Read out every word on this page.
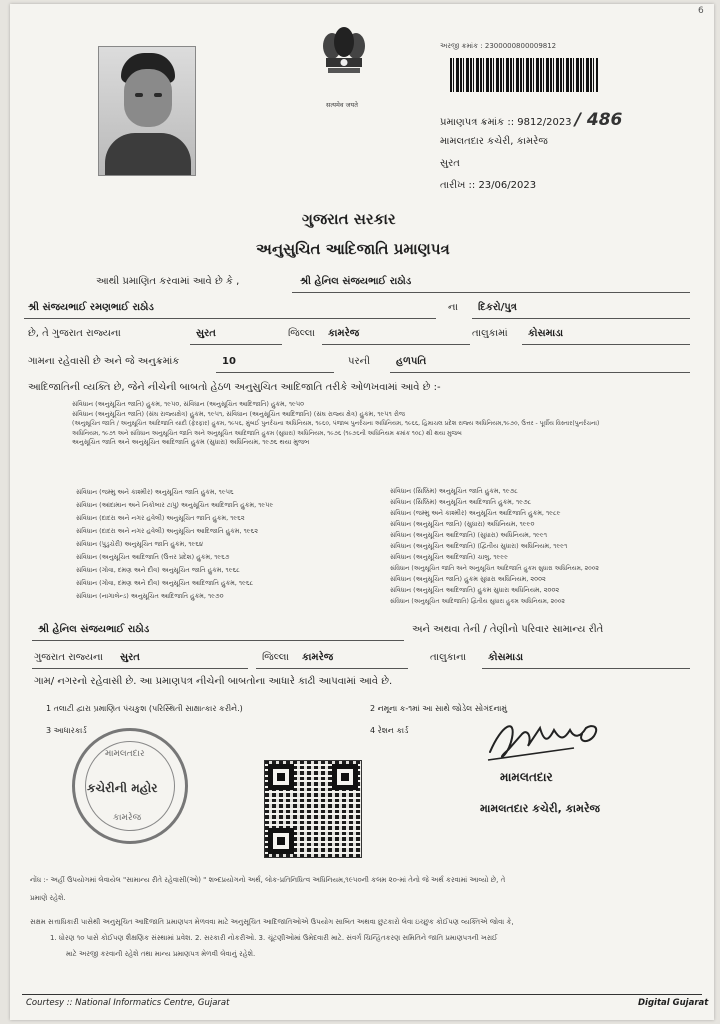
सत्यमेव जयते
અરજી ક્રમાંક : 2300000800009812
6
પ્રમાણપત્ર ક્રમાંક :: 9812/2023 / 486
મામલતદાર કચેરી, કામરેજ
સુરત
તારીખ :: 23/06/2023
ગુજરાત સરકાર
અનુસુચિત આદિજાતિ પ્રમાણપત્ર
આથી પ્રમાણિત કરવામાં આવે છે કે ,	શ્રી હેનિલ સંજયભાઈ રાઠોડ
શ્રી સંજયભાઈ રમણભાઈ રાઠોડ	ના દિકરો/પુત્ર
છે, તે ગુજરાત રાજ્યના	સુરત	જિલ્લા કામરેજ	તાલુકામાં કોસમાડા
ગામના રહેવાસી છે અને જે અનુક્રમાંક	10	પરની	હળપતિ
આદિજાતિની વ્યક્તિ છે, જેને નીચેની બાબતો હેઠળ અનુસુચિત આદિજાતિ તરીકે ઓળખવામાં આવે છે :-
સંવિધાન (અનુસૂચિત જાતિ) હુકમ, ૧૯૫૦, સંવિધાન (અનુસૂચિત આદિજાતિ) હુકમ, ૧૯૫૦
સંવિધાન (અનુસૂચિત જાતિ) (સંઘ રાજ્યક્ષેત્ર) હુકમ, ૧૯૫૧, સંવિધાન (અનુસૂચિત આદિજાતિ) (સંઘ રાજ્ય ક્ષેત્ર) હુકમ, ૧૯૫૧ રોજ
(અનુસૂચિત જાતિ / અનુસૂચિત આદિજાતિ યાદી (ફેરફાર) હુકમ, ૧૯૫૬, મુંબઈ પુનર્રચના અધિનિયમ, ૧૯૬૦, પંજાબ પુનર્રચના અધિનિયમ, ૧૯૬૬, હિમાચલ પ્રદેશ રાજ્ય અધિનિયમ,૧૯૭૦, ઉત્તર - પૂર્વીય વિસ્તાર(પુનર્રચના)
અધિનિયમ, ૧૯૭૧ અને સંવિધાન અનુસૂચિત જાતિ અને અનુસૂચિત આદિજાતિ હુકમ (સુધારા) અધિનિયમ, ૧૯૭૬ (૧૯૭૬ની અધિનિયમ ક્રમાંક ૧૦૮) થી થયા મુજબ
અનુસૂચિત જાતિ અને અનુસૂચિત આદિજાતિ હુકમ (સુધારા) અધિનિયમ, ૧૯૭૬ થયા મુજબ
સંવિધાન (જમ્મુ અને કાશ્મીર) અનુસૂચિત જાતિ હુકમ, ૧૯૫૬
સંવિધાન (આંદામાન અને નિકોબાર ટાપુ) અનુસૂચિત આદિજાતિ હુકમ, ૧૯૫૯
સંવિધાન (દાદરા અને નગર હવેલી) અનુસૂચિત જાતિ હુકમ, ૧૯૬૨
સંવિધાન (દાદરા અને નગર હવેલી) અનુસૂચિત આદિજાતિ હુકમ, ૧૯૬૨
સંવિધાન (પુડુચેરી) અનુસૂચિત જાતિ હુકમ, ૧૯૬૪
સંવિધાન (અનુસૂચિત આદિજાતિ (ઉત્તર પ્રદેશ) હુકમ, ૧૯૬૭
સંવિધાન (ગોવા, દમણ અને દીવ) અનુસૂચિત જાતિ હુકમ, ૧૯૬૮
સંવિધાન (ગોવા, દમણ અને દીવ) અનુસૂચિત આદિજાતિ હુકમ, ૧૯૬૮
સંવિધાન (નાગાલેન્ડ) અનુસૂચિત આદિજાતિ હુકમ, ૧૯૭૦
સંવિધાન (સિક્કિમ) અનુસૂચિત જાતિ હુકમ, ૧૯૭૮
સંવિધાન (સિક્કિમ) અનુસૂચિત આદિજાતિ હુકમ, ૧૯૭૮
સંવિધાન (જમ્મુ અને કાશ્મીર) અનુસૂચિત આદિજાતિ હુકમ, ૧૯૮૯
સંવિધાન (અનુસૂચિત જાતિ) (સુધારા) અધિનિયમ, ૧૯૯૦
સંવિધાન (અનુસૂચિત આદિજાતિ) (સુધારા) અધિનિયમ, ૧૯૯૧
સંવિધાન (અનુસૂચિત આદિજાતિ) (દ્વિતીય સુધારા) અધિનિયમ, ૧૯૯૧
સંવિધાન (અનુસૂચિત આદિજાતિ) ચાલુ, ૧૯૯૯
સંવિધાન (અનુસૂચિત જાતિ અને અનુસૂચિત આદિજાતિ હુકમ સુધારા અધિનિયમ, ૨૦૦૨
સંવિધાન (અનુસૂચિત જાતિ) હુકમ સુધારા અધિનિયમ, ૨૦૦૨
સંવિધાન (અનુસૂચિત આદિજાતિ) હુકમ સુધારા અધિનિયમ, ૨૦૦૨
સંવિધાન (અનુસૂચિત આદિજાતિ) દ્વિતીય સુધારા હુકમ અધિનિયમ, ૨૦૦૨
શ્રી હેનિલ સંજયભાઈ રાઠોડ	અને અથવા તેની / તેણીનો પરિવાર સામાન્ય રીતે
ગુજરાત રાજ્યના સુરત	જિલ્લા કામરેજ	તાલુકાના કોસમાડા
ગામ/ નગરનો રહેવાસી છે. આ પ્રમાણપત્ર નીચેની બાબતોના આધારે કાઢી આપવામાં આવે છે.
1 તલાટી દ્વારા પ્રમાણિત પંચકુશ (પરિસ્થિતી સાક્ષાત્કાર કરીને.)	2 નમૂના ક-૧માં આ સાથે જોડેલ સોગંદનામું
3 આધારકાર્ડ	4 રેશન કાર્ડ
મામલતદાર
કચેરીની મહોર
કામરેજ
મામલતદાર
મામલતદાર કચેરી, કામરેજ
નોંધ :- અહીં ઉપયોગમાં લેવાયેલ "સામાન્ય રીતે રહેવાસી(ઓ) " શબ્દપ્રયોગનો અર્થ, લોક-પ્રતિનિધિત્વ અધિનિયમ,૧૯૫૦ની કલમ ૨૦-માં તેનો જે અર્થ કરવામાં આવ્યો છે, તે
પ્રમાણે રહેશે.
સક્ષમ સત્તાધિકારી પાસેથી અનુસૂચિત આદિજાતિ પ્રમાણપત્ર મેળવવા માટે અનુસૂચિત આદિજાતિઓએ ઉપયોગ સાબિત અથવા છુટકારો લેવા ઇચ્છુક કોઈપણ વ્યક્તિએ જોવા કે,
1. ધોરણ ૧૦ પાસે કોઈપણ શૈક્ષણિક સંસ્થામાં પ્રવેશ. 2. સરકારી નોકરીઓ. 3. ચૂંટણીઓમાં ઉમેદવારી માટે. સંવર્ગ ચિન્હિતકરણ સમિતિને જાતિ પ્રમાણપત્રની ખરાઈ
માટે અરજી કરવાની રહેશે તથા માન્ય પ્રમાણપત્ર મેળવી લેવાનું રહેશે.
Courtesy :: National Informatics Centre, Gujarat	Digital Gujarat
